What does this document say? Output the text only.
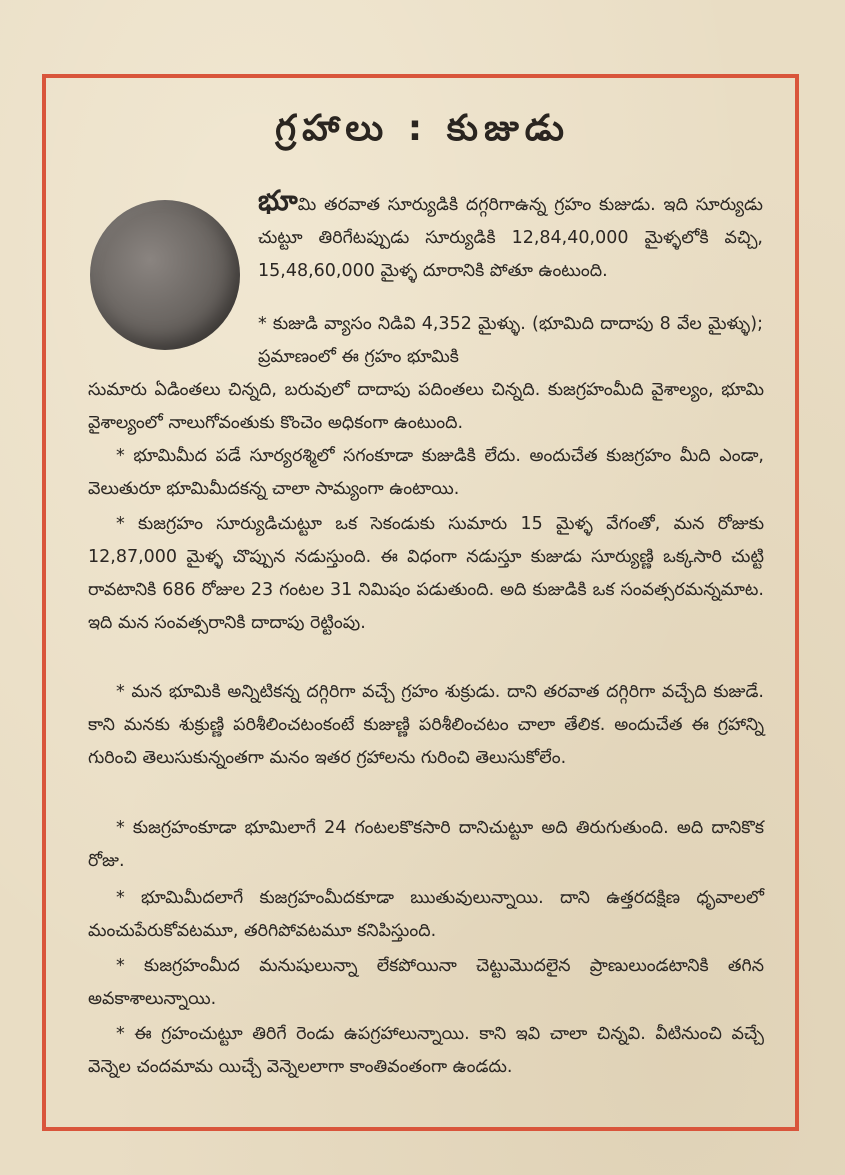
గ్రహాలు : కుజుడు
భూమి తరవాత సూర్యుడికి దగ్గరిగాఉన్న గ్రహం కుజుడు. ఇది సూర్యుడు చుట్టూ తిరిగేటప్పుడు సూర్యుడికి 12,84,40,000 మైళ్ళలోకి వచ్చి, 15,48,60,000 మైళ్ళ దూరానికి పోతూ ఉంటుంది.
* కుజుడి వ్యాసం నిడివి 4,352 మైళ్ళు. (భూమిది దాదాపు 8 వేల మైళ్ళు); ప్రమాణంలో ఈ గ్రహం భూమికి
సుమారు ఏడింతలు చిన్నది, బరువులో దాదాపు పదింతలు చిన్నది. కుజగ్రహంమీది వైశాల్యం, భూమి వైశాల్యంలో నాలుగోవంతుకు కొంచెం అధికంగా ఉంటుంది.
* భూమిమీద పడే సూర్యరశ్మిలో సగంకూడా కుజుడికి లేదు. అందుచేత కుజగ్రహం మీది ఎండా, వెలుతురూ భూమిమీదకన్న చాలా సామ్యంగా ఉంటాయి.
* కుజగ్రహం సూర్యుడిచుట్టూ ఒక సెకండుకు సుమారు 15 మైళ్ళ వేగంతో, మన రోజుకు 12,87,000 మైళ్ళ చొప్పున నడుస్తుంది. ఈ విధంగా నడుస్తూ కుజుడు సూర్యుణ్ణి ఒక్కసారి చుట్టి రావటానికి 686 రోజుల 23 గంటల 31 నిమిషం పడుతుంది. అది కుజుడికి ఒక సంవత్సరమన్నమాట. ఇది మన సంవత్సరానికి దాదాపు రెట్టింపు.
* మన భూమికి అన్నిటికన్న దగ్గిరిగా వచ్చే గ్రహం శుక్రుడు. దాని తరవాత దగ్గిరిగా వచ్చేది కుజుడే. కాని మనకు శుక్రుణ్ణి పరిశీలించటంకంటే కుజుణ్ణి పరిశీలించటం చాలా తేలిక. అందుచేత ఈ గ్రహాన్ని గురించి తెలుసుకున్నంతగా మనం ఇతర గ్రహాలను గురించి తెలుసుకోలేం.
* కుజగ్రహంకూడా భూమిలాగే 24 గంటలకొకసారి దానిచుట్టూ అది తిరుగుతుంది. అది దానికొక రోజు.
* భూమిమీదలాగే కుజగ్రహంమీదకూడా ఋతువులున్నాయి. దాని ఉత్తరదక్షిణ ధృవాలలో మంచుపేరుకోవటమూ, తరిగిపోవటమూ కనిపిస్తుంది.
* కుజగ్రహంమీద మనుషులున్నా లేకపోయినా చెట్టుమొదలైన ప్రాణులుండటానికి తగిన అవకాశాలున్నాయి.
* ఈ గ్రహంచుట్టూ తిరిగే రెండు ఉపగ్రహాలున్నాయి. కాని ఇవి చాలా చిన్నవి. వీటినుంచి వచ్చే వెన్నెల చందమామ యిచ్చే వెన్నెలలాగా కాంతివంతంగా ఉండదు.
